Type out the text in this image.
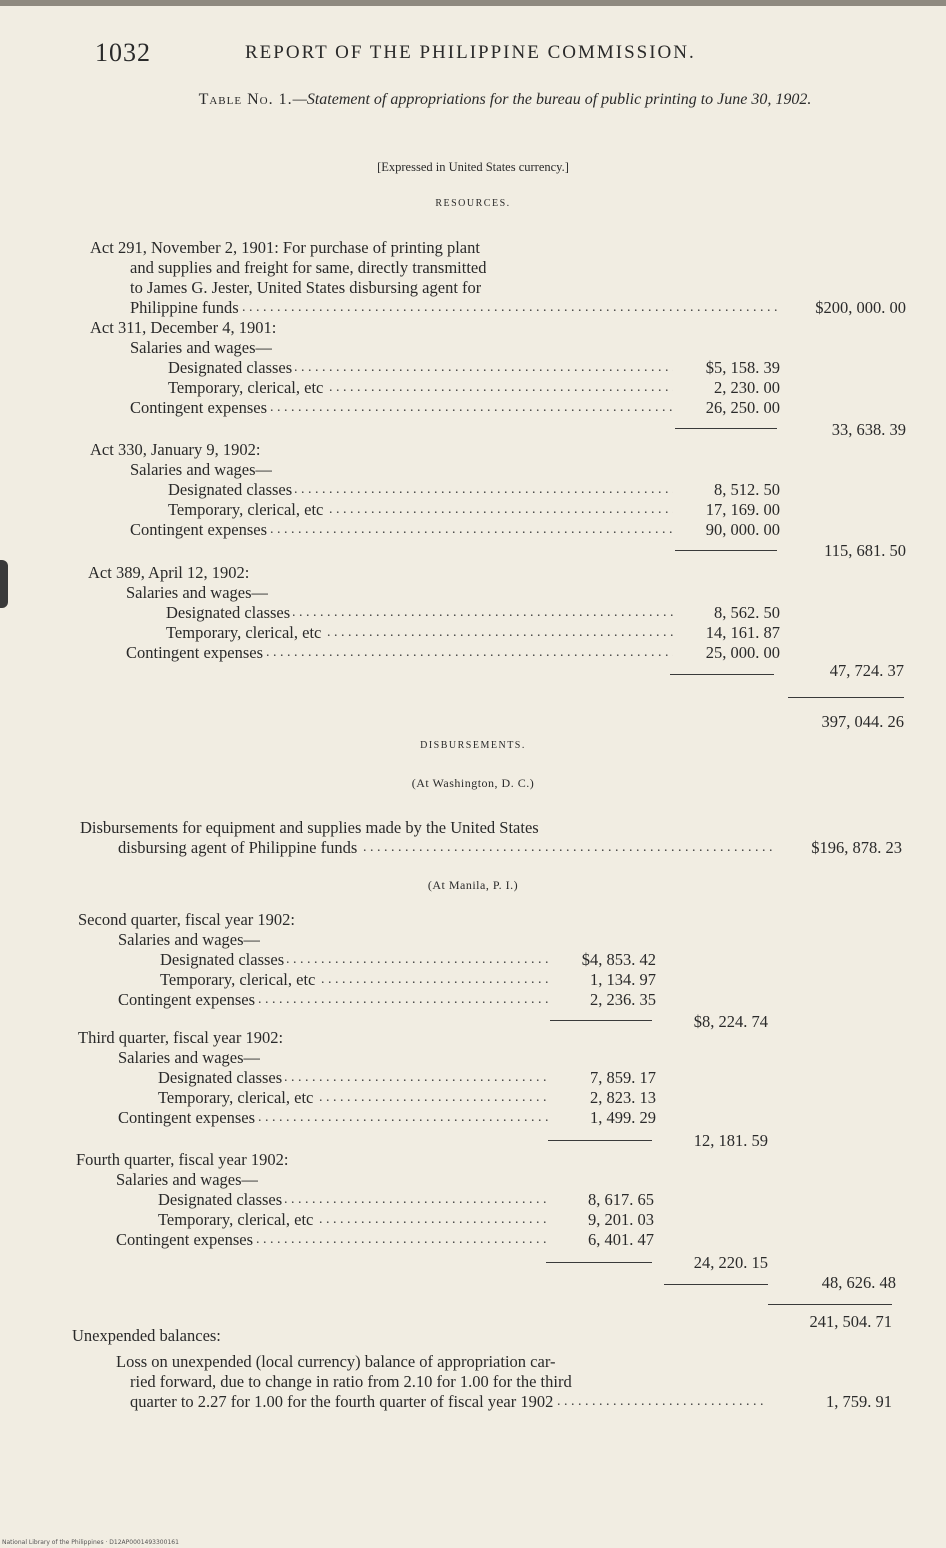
1032	REPORT OF THE PHILIPPINE COMMISSION.
Table No. 1.—Statement of appropriations for the bureau of public printing to June 30, 1902.
[Expressed in United States currency.]
RESOURCES.
Act 291, November 2, 1901: For purchase of printing plant
and supplies and freight for same, directly transmitted
to James G. Jester, United States disbursing agent for
Philippine funds . . .	$200, 000. 00
Act 311, December 4, 1901:
Salaries and wages—
Designated classes . . .	$5, 158. 39
Temporary, clerical, etc . . .	2, 230. 00
Contingent expenses . . .	26, 250. 00
33, 638. 39
Act 330, January 9, 1902:
Salaries and wages—
Designated classes . . .	8, 512. 50
Temporary, clerical, etc . . .	17, 169. 00
Contingent expenses . . .	90, 000. 00
115, 681. 50
Act 389, April 12, 1902:
Salaries and wages—
Designated classes . . .	8, 562. 50
Temporary, clerical, etc . . .	14, 161. 87
Contingent expenses . . .	25, 000. 00
47, 724. 37
397, 044. 26
DISBURSEMENTS.
(At Washington, D. C.)
Disbursements for equipment and supplies made by the United States
disbursing agent of Philippine funds . . .	$196, 878. 23
(At Manila, P. I.)
Second quarter, fiscal year 1902:
Salaries and wages—
Designated classes . . .	$4, 853. 42
Temporary, clerical, etc . . .	1, 134. 97
Contingent expenses . . .	2, 236. 35
$8, 224. 74
Third quarter, fiscal year 1902:
Salaries and wages—
Designated classes . . .	7, 859. 17
Temporary, clerical, etc . . .	2, 823. 13
Contingent expenses . . .	1, 499. 29
12, 181. 59
Fourth quarter, fiscal year 1902:
Salaries and wages—
Designated classes . . .	8, 617. 65
Temporary, clerical, etc . . .	9, 201. 03
Contingent expenses . . .	6, 401. 47
24, 220. 15
48, 626. 48
241, 504. 71
Unexpended balances:
Loss on unexpended (local currency) balance of appropriation car-
ried forward, due to change in ratio from 2.10 for 1.00 for the third
quarter to 2.27 for 1.00 for the fourth quarter of fiscal year 1902 . . .	1, 759. 91
National Library of the Philippines · D12AP0001493300161
